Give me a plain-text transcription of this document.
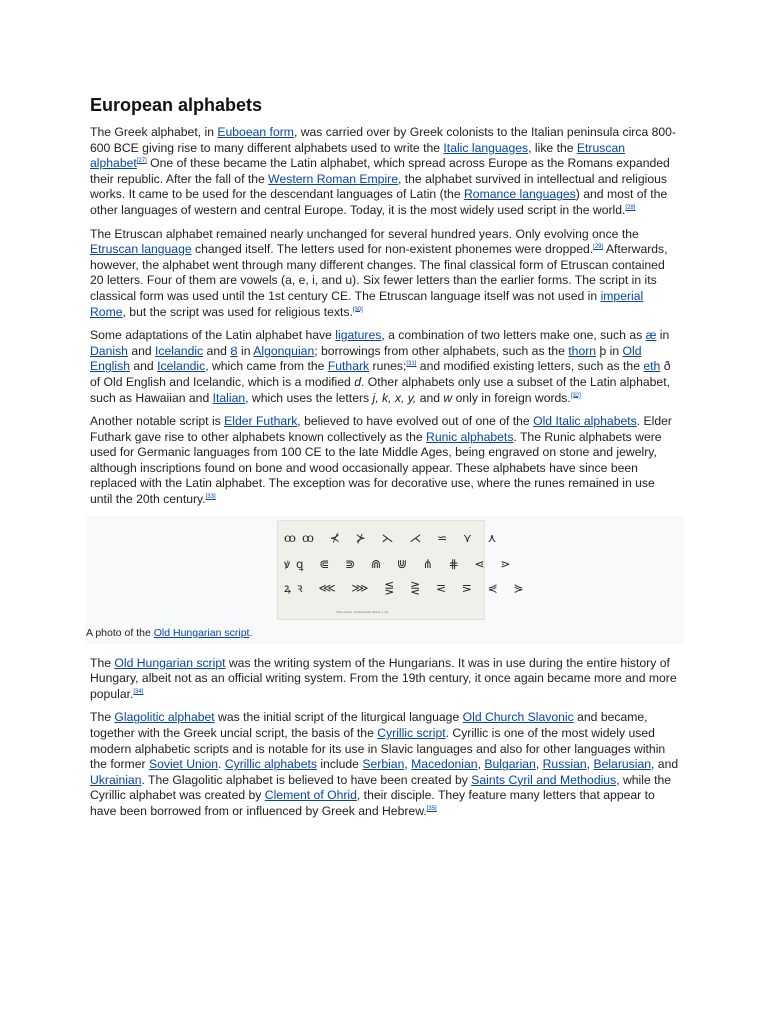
European alphabets

The Greek alphabet, in Euboean form, was carried over by Greek colonists to the Italian peninsula circa 800-600 BCE giving rise to many different alphabets used to write the Italic languages, like the Etruscan alphabet[27] One of these became the Latin alphabet, which spread across Europe as the Romans expanded their republic. After the fall of the Western Roman Empire, the alphabet survived in intellectual and religious works. It came to be used for the descendant languages of Latin (the Romance languages) and most of the other languages of western and central Europe. Today, it is the most widely used script in the world.[28]

The Etruscan alphabet remained nearly unchanged for several hundred years. Only evolving once the Etruscan language changed itself. The letters used for non-existent phonemes were dropped.[29] Afterwards, however, the alphabet went through many different changes. The final classical form of Etruscan contained 20 letters. Four of them are vowels (a, e, i, and u). Six fewer letters than the earlier forms. The script in its classical form was used until the 1st century CE. The Etruscan language itself was not used in imperial Rome, but the script was used for religious texts.[30]

Some adaptations of the Latin alphabet have ligatures, a combination of two letters make one, such as æ in Danish and Icelandic and Ȣ in Algonquian; borrowings from other alphabets, such as the thorn þ in Old English and Icelandic, which came from the Futhark runes;[31] and modified existing letters, such as the eth ð of Old English and Icelandic, which is a modified d. Other alphabets only use a subset of the Latin alphabet, such as Hawaiian and Italian, which uses the letters j, k, x, y, and w only in foreign words.[32]

Another notable script is Elder Futhark, believed to have evolved out of one of the Old Italic alphabets. Elder Futhark gave rise to other alphabets known collectively as the Runic alphabets. The Runic alphabets were used for Germanic languages from 100 CE to the late Middle Ages, being engraved on stone and jewelry, although inscriptions found on bone and wood occasionally appear. These alphabets have since been replaced with the Latin alphabet. The exception was for decorative use, where the runes remained in use until the 20th century.[33]

ꝏꝏ ⊀ ⊁ ⋋ ⋌ ⋍ ⋎ ⋏
ꝟꝗ ⋐ ⋑ ⋒ ⋓ ⋔ ⋕ ⋖ ⋗
ꝝꝛ ⋘ ⋙ ⋚ ⋛ ⋜ ⋝ ⋞ ⋟
Tárnok lista, „Székelyföldi” ábécé, 1 sor
A photo of the Old Hungarian script.

The Old Hungarian script was the writing system of the Hungarians. It was in use during the entire history of Hungary, albeit not as an official writing system. From the 19th century, it once again became more and more popular.[34]

The Glagolitic alphabet was the initial script of the liturgical language Old Church Slavonic and became, together with the Greek uncial script, the basis of the Cyrillic script. Cyrillic is one of the most widely used modern alphabetic scripts and is notable for its use in Slavic languages and also for other languages within the former Soviet Union. Cyrillic alphabets include Serbian, Macedonian, Bulgarian, Russian, Belarusian, and Ukrainian. The Glagolitic alphabet is believed to have been created by Saints Cyril and Methodius, while the Cyrillic alphabet was created by Clement of Ohrid, their disciple. They feature many letters that appear to have been borrowed from or influenced by Greek and Hebrew.[35]
